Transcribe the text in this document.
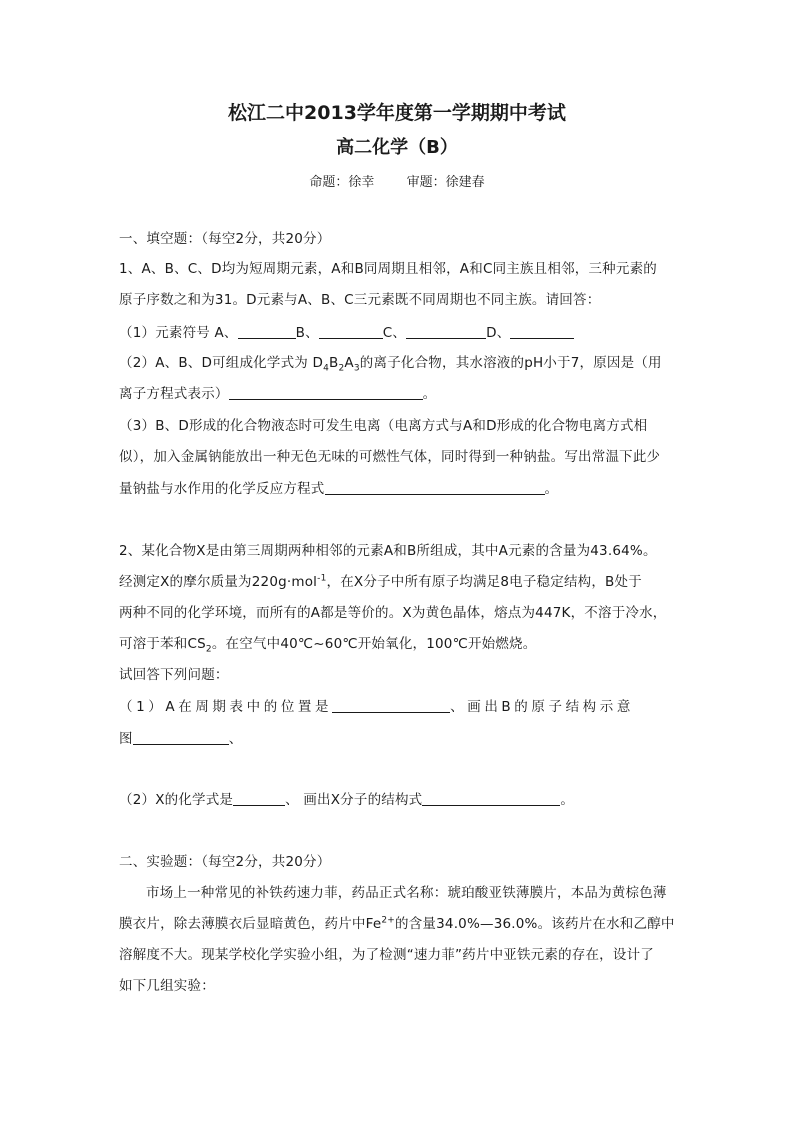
松江二中2013学年度第一学期期中考试
高二化学（B）
命题：徐幸 审题：徐建春
一、填空题：（每空2分，共20分）
1、A、B、C、D均为短周期元素，A和B同周期且相邻，A和C同主族且相邻，三种元素的
原子序数之和为31。D元素与A、B、C三元素既不同周期也不同主族。请回答：
（1）元素符号 A、	B、	C、	D、
（2）A、B、D可组成化学式为 $D_4B_2A_3$的离子化合物，其水溶液的pH小于7，原因是（用
离子方程式表示）	。
（3）B、D形成的化合物液态时可发生电离（电离方式与A和D形成的化合物电离方式相
似），加入金属钠能放出一种无色无味的可燃性气体，同时得到一种钠盐。写出常温下此少
量钠盐与水作用的化学反应方程式	。
2、某化合物X是由第三周期两种相邻的元素A和B所组成，其中A元素的含量为43.64%。
经测定X的摩尔质量为220g·mol$^{-1}$，在X分子中所有原子均满足8电子稳定结构，B处于
两种不同的化学环境，而所有的A都是等价的。X为黄色晶体，熔点为447K，不溶于冷水，
可溶于苯和$CS_2$。在空气中40℃~60℃开始氧化，100℃开始燃烧。
试回答下列问题：
（1）A在周期表中的位置是	、画出B的原子结构示意
图	、
（2）X的化学式是	、 画出X分子的结构式	。
二、实验题：（每空2分，共20分）
市场上一种常见的补铁药速力菲，药品正式名称：琥珀酸亚铁薄膜片，本品为黄棕色薄
膜衣片，除去薄膜衣后显暗黄色，药片中$Fe^{2+}$的含量34.0%—36.0%。该药片在水和乙醇中
溶解度不大。现某学校化学实验小组，为了检测“速力菲”药片中亚铁元素的存在，设计了
如下几组实验：
